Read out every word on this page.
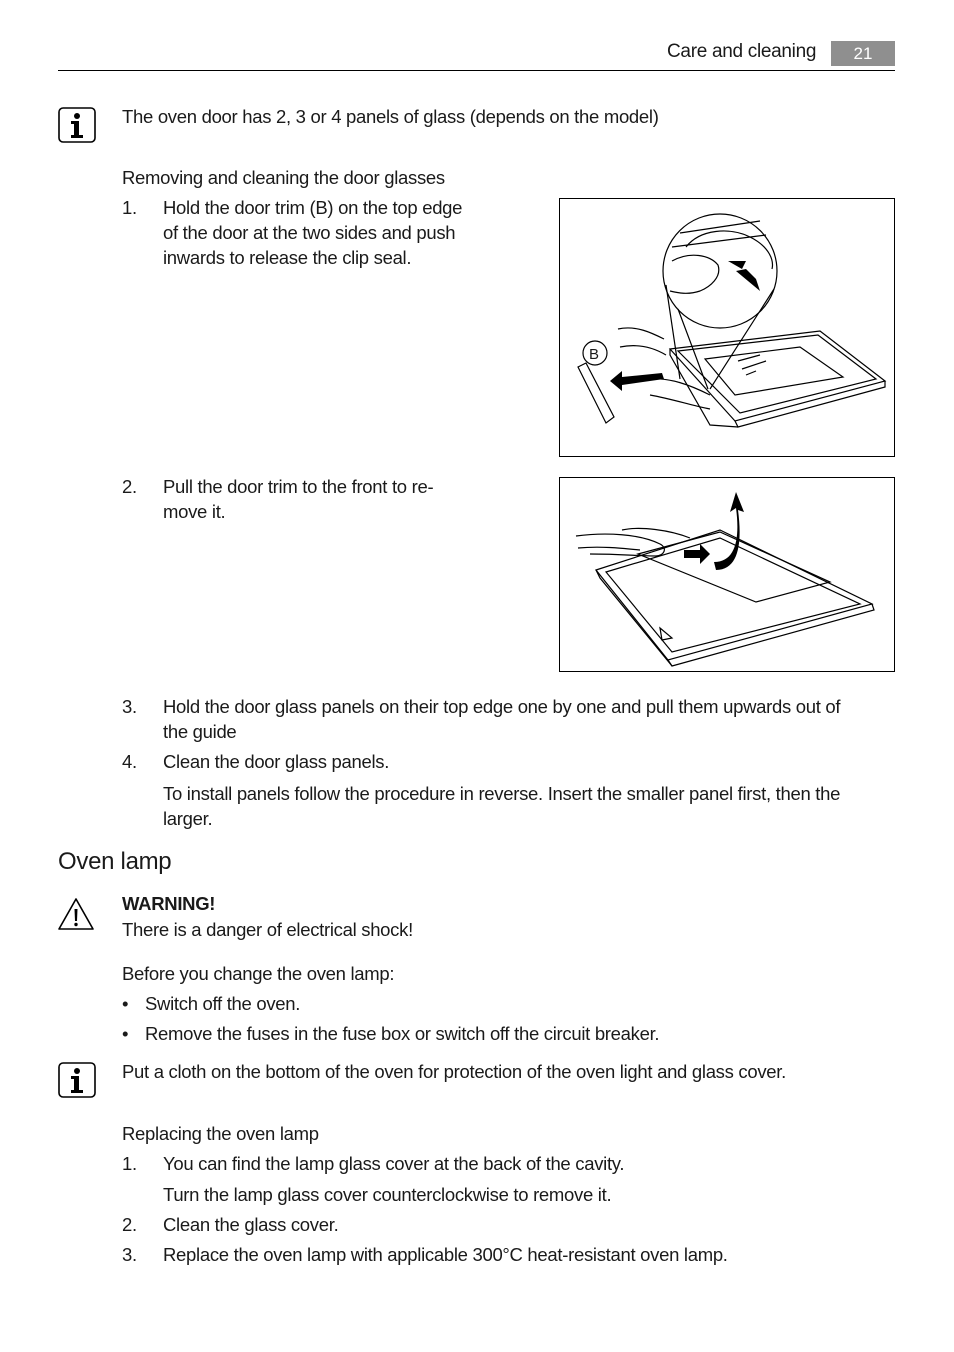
Care and cleaning	21
The oven door has 2, 3 or 4 panels of glass (depends on the model)
Removing and cleaning the door glasses
1. Hold the door trim (B) on the top edge
of the door at the two sides and push
inwards to release the clip seal.
B
2. Pull the door trim to the front to re-
move it.
3. Hold the door glass panels on their top edge one by one and pull them upwards out of
the guide
4. Clean the door glass panels.
To install panels follow the procedure in reverse. Insert the smaller panel first, then the
larger.
Oven lamp
WARNING!
There is a danger of electrical shock!
Before you change the oven lamp:
• Switch off the oven.
• Remove the fuses in the fuse box or switch off the circuit breaker.
Put a cloth on the bottom of the oven for protection of the oven light and glass cover.
Replacing the oven lamp
1. You can find the lamp glass cover at the back of the cavity.
Turn the lamp glass cover counterclockwise to remove it.
2. Clean the glass cover.
3. Replace the oven lamp with applicable 300°C heat-resistant oven lamp.
